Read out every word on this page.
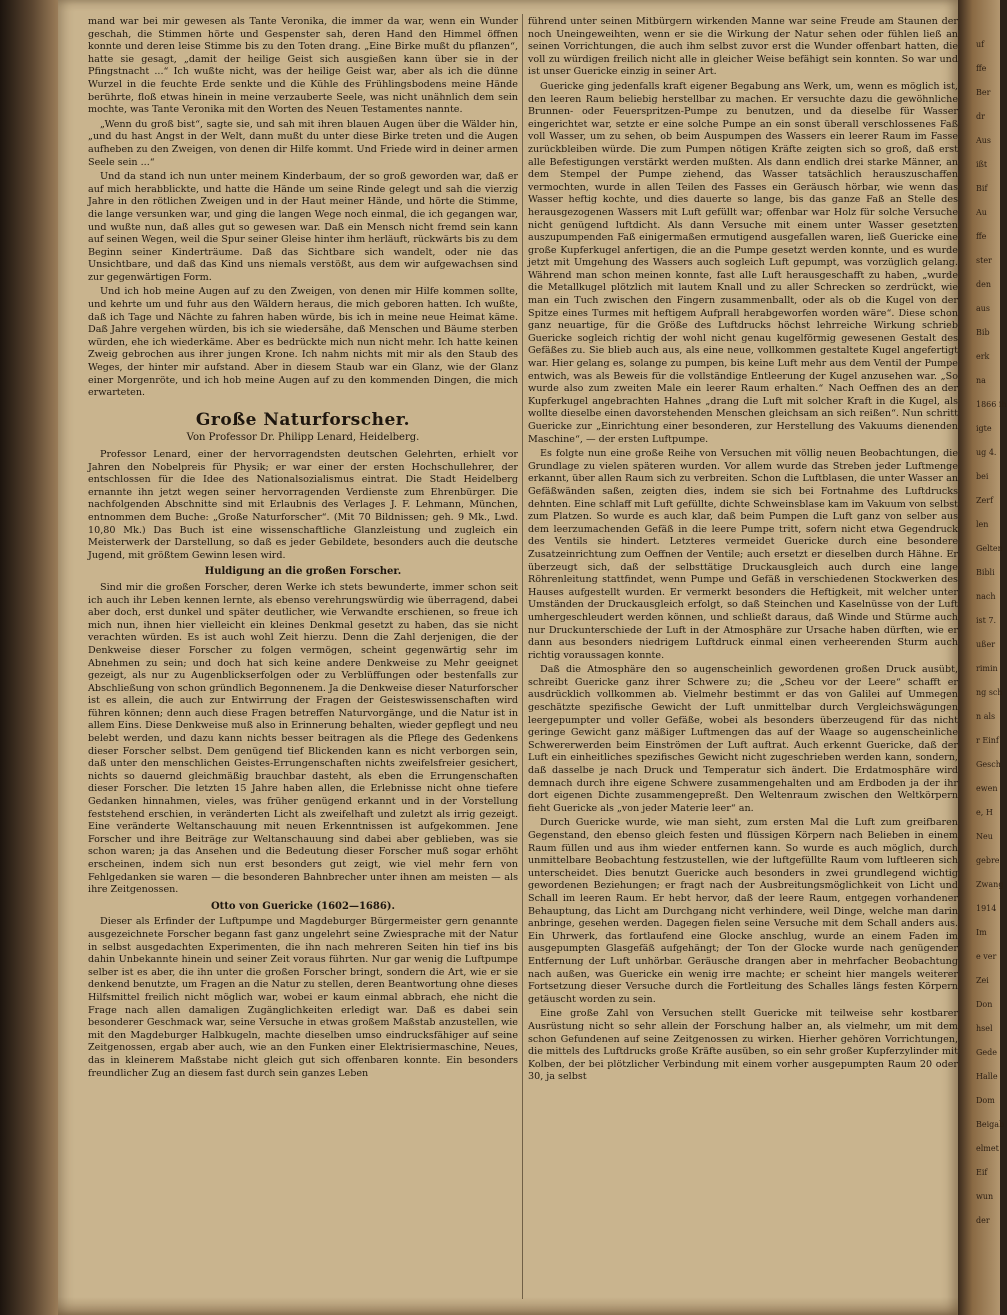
mand war bei mir gewesen als Tante Veronika, die immer da war, wenn ein Wunder geschah, die Stimmen hörte und Gespenster sah, deren Hand den Himmel öffnen konnte und deren leise Stimme bis zu den Toten drang. „Eine Birke mußt du pflanzen“, hatte sie gesagt, „damit der heilige Geist sich ausgießen kann über sie in der Pfingstnacht ...“ Ich wußte nicht, was der heilige Geist war, aber als ich die dünne Wurzel in die feuchte Erde senkte und die Kühle des Frühlingsbodens meine Hände berührte, floß etwas hinein in meine verzauberte Seele, was nicht unähnlich dem sein mochte, was Tante Veronika mit den Worten des Neuen Testamentes nannte.

„Wenn du groß bist“, sagte sie, und sah mit ihren blauen Augen über die Wälder hin, „und du hast Angst in der Welt, dann mußt du unter diese Birke treten und die Augen aufheben zu den Zweigen, von denen dir Hilfe kommt. Und Friede wird in deiner armen Seele sein ...“

Und da stand ich nun unter meinem Kinderbaum, der so groß geworden war, daß er auf mich herabblickte, und hatte die Hände um seine Rinde gelegt und sah die vierzig Jahre in den rötlichen Zweigen und in der Haut meiner Hände, und hörte die Stimme, die lange versunken war, und ging die langen Wege noch einmal, die ich gegangen war, und wußte nun, daß alles gut so gewesen war. Daß ein Mensch nicht fremd sein kann auf seinen Wegen, weil die Spur seiner Gleise hinter ihm herläuft, rückwärts bis zu dem Beginn seiner Kinderträume. Daß das Sichtbare sich wandelt, oder nie das Unsichtbare, und daß das Kind uns niemals verstößt, aus dem wir aufgewachsen sind zur gegenwärtigen Form.

Und ich hob meine Augen auf zu den Zweigen, von denen mir Hilfe kommen sollte, und kehrte um und fuhr aus den Wäldern heraus, die mich geboren hatten. Ich wußte, daß ich Tage und Nächte zu fahren haben würde, bis ich in meine neue Heimat käme. Daß Jahre vergehen würden, bis ich sie wiedersähe, daß Menschen und Bäume sterben würden, ehe ich wiederkäme. Aber es bedrückte mich nun nicht mehr. Ich hatte keinen Zweig gebrochen aus ihrer jungen Krone. Ich nahm nichts mit mir als den Staub des Weges, der hinter mir aufstand. Aber in diesem Staub war ein Glanz, wie der Glanz einer Morgenröte, und ich hob meine Augen auf zu den kommenden Dingen, die mich erwarteten.

Große Naturforscher.
Von Professor Dr. Philipp Lenard, Heidelberg.

Professor Lenard, einer der hervorragendsten deutschen Gelehrten, erhielt vor Jahren den Nobelpreis für Physik; er war einer der ersten Hochschullehrer, der entschlossen für die Idee des Nationalsozialismus eintrat. Die Stadt Heidelberg ernannte ihn jetzt wegen seiner hervorragenden Verdienste zum Ehrenbürger. Die nachfolgenden Abschnitte sind mit Erlaubnis des Verlages J. F. Lehmann, München, entnommen dem Buche: „Große Naturforscher“. (Mit 70 Bildnissen; geh. 9 Mk., Lwd. 10,80 Mk.) Das Buch ist eine wissenschaftliche Glanzleistung und zugleich ein Meisterwerk der Darstellung, so daß es jeder Gebildete, besonders auch die deutsche Jugend, mit größtem Gewinn lesen wird.

Huldigung an die großen Forscher.

Sind mir die großen Forscher, deren Werke ich stets bewunderte, immer schon seit ich auch ihr Leben kennen lernte, als ebenso verehrungswürdig wie überragend, dabei aber doch, erst dunkel und später deutlicher, wie Verwandte erschienen, so freue ich mich nun, ihnen hier vielleicht ein kleines Denkmal gesetzt zu haben, das sie nicht verachten würden. Es ist auch wohl Zeit hierzu. Denn die Zahl derjenigen, die der Denkweise dieser Forscher zu folgen vermögen, scheint gegenwärtig sehr im Abnehmen zu sein; und doch hat sich keine andere Denkweise zu Mehr geeignet gezeigt, als nur zu Augenblickserfolgen oder zu Verblüffungen oder bestenfalls zur Abschließung von schon gründlich Begonnenem. Ja die Denkweise dieser Naturforscher ist es allein, die auch zur Entwirrung der Fragen der Geisteswissenschaften wird führen können; denn auch diese Fragen betreffen Naturvorgänge, und die Natur ist in allem Eins. Diese Denkweise muß also in Erinnerung behalten, wieder gepflegt und neu belebt werden, und dazu kann nichts besser beitragen als die Pflege des Gedenkens dieser Forscher selbst. Dem genügend tief Blickenden kann es nicht verborgen sein, daß unter den menschlichen Geistes-Errungenschaften nichts zweifelsfreier gesichert, nichts so dauernd gleichmäßig brauchbar dasteht, als eben die Errungenschaften dieser Forscher. Die letzten 15 Jahre haben allen, die Erlebnisse nicht ohne tiefere Gedanken hinnahmen, vieles, was früher genügend erkannt und in der Vorstellung feststehend erschien, in veränderten Licht als zweifelhaft und zuletzt als irrig gezeigt. Eine veränderte Weltanschauung mit neuen Erkenntnissen ist aufgekommen. Jene Forscher und ihre Beiträge zur Weltanschauung sind dabei aber geblieben, was sie schon waren; ja das Ansehen und die Bedeutung dieser Forscher muß sogar erhöht erscheinen, indem sich nun erst besonders gut zeigt, wie viel mehr fern von Fehlgedanken sie waren — die besonderen Bahnbrecher unter ihnen am meisten — als ihre Zeitgenossen.

Otto von Guericke (1602—1686).

Dieser als Erfinder der Luftpumpe und Magdeburger Bürgermeister gern genannte ausgezeichnete Forscher begann fast ganz ungelehrt seine Zwiesprache mit der Natur in selbst ausgedachten Experimenten, die ihn nach mehreren Seiten hin tief ins bis dahin Unbekannte hinein und seiner Zeit voraus führten. Nur gar wenig die Luftpumpe selber ist es aber, die ihn unter die großen Forscher bringt, sondern die Art, wie er sie denkend benutzte, um Fragen an die Natur zu stellen, deren Beantwortung ohne dieses Hilfsmittel freilich nicht möglich war, wobei er kaum einmal abbrach, ehe nicht die Frage nach allen damaligen Zugänglichkeiten erledigt war. Daß es dabei sein besonderer Geschmack war, seine Versuche in etwas großem Maßstab anzustellen, wie mit den Magdeburger Halbkugeln, machte dieselben umso eindrucksfähiger auf seine Zeitgenossen, ergab aber auch, wie an den Funken einer Elektrisiermaschine, Neues, das in kleinerem Maßstabe nicht gleich gut sich offenbaren konnte. Ein besonders freundlicher Zug an diesem fast durch sein ganzes Leben

führend unter seinen Mitbürgern wirkenden Manne war seine Freude am Staunen der noch Uneingeweihten, wenn er sie die Wirkung der Natur sehen oder fühlen ließ an seinen Vorrichtungen, die auch ihm selbst zuvor erst die Wunder offenbart hatten, die voll zu würdigen freilich nicht alle in gleicher Weise befähigt sein konnten. So war und ist unser Guericke einzig in seiner Art.

Guericke ging jedenfalls kraft eigener Begabung ans Werk, um, wenn es möglich ist, den leeren Raum beliebig herstellbar zu machen. Er versuchte dazu die gewöhnliche Brunnen- oder Feuerspritzen-Pumpe zu benutzen, und da dieselbe für Wasser eingerichtet war, setzte er eine solche Pumpe an ein sonst überall verschlossenes Faß voll Wasser, um zu sehen, ob beim Auspumpen des Wassers ein leerer Raum im Fasse zurückbleiben würde. Die zum Pumpen nötigen Kräfte zeigten sich so groß, daß erst alle Befestigungen verstärkt werden mußten. Als dann endlich drei starke Männer, an dem Stempel der Pumpe ziehend, das Wasser tatsächlich herauszuschaffen vermochten, wurde in allen Teilen des Fasses ein Geräusch hörbar, wie wenn das Wasser heftig kochte, und dies dauerte so lange, bis das ganze Faß an Stelle des herausgezogenen Wassers mit Luft gefüllt war; offenbar war Holz für solche Versuche nicht genügend luftdicht. Als dann Versuche mit einem unter Wasser gesetzten auszupumpenden Faß einigermaßen ermutigend ausgefallen waren, ließ Guericke eine große Kupferkugel anfertigen, die an die Pumpe gesetzt werden konnte, und es wurde jetzt mit Umgehung des Wassers auch sogleich Luft gepumpt, was vorzüglich gelang. Während man schon meinen konnte, fast alle Luft herausgeschafft zu haben, „wurde die Metallkugel plötzlich mit lautem Knall und zu aller Schrecken so zerdrückt, wie man ein Tuch zwischen den Fingern zusammenballt, oder als ob die Kugel von der Spitze eines Turmes mit heftigem Aufprall herabgeworfen worden wäre“. Diese schon ganz neuartige, für die Größe des Luftdrucks höchst lehrreiche Wirkung schrieb Guericke sogleich richtig der wohl nicht genau kugelförmig gewesenen Gestalt des Gefäßes zu. Sie blieb auch aus, als eine neue, vollkommen gestaltete Kugel angefertigt war. Hier gelang es, solange zu pumpen, bis keine Luft mehr aus dem Ventil der Pumpe entwich, was als Beweis für die vollständige Entleerung der Kugel anzusehen war. „So wurde also zum zweiten Male ein leerer Raum erhalten.“ Nach Oeffnen des an der Kupferkugel angebrachten Hahnes „drang die Luft mit solcher Kraft in die Kugel, als wollte dieselbe einen davorstehenden Menschen gleichsam an sich reißen“. Nun schritt Guericke zur „Einrichtung einer besonderen, zur Herstellung des Vakuums dienenden Maschine“, — der ersten Luftpumpe.

Es folgte nun eine große Reihe von Versuchen mit völlig neuen Beobachtungen, die Grundlage zu vielen späteren wurden. Vor allem wurde das Streben jeder Luftmenge erkannt, über allen Raum sich zu verbreiten. Schon die Luftblasen, die unter Wasser an Gefäßwänden saßen, zeigten dies, indem sie sich bei Fortnahme des Luftdrucks dehnten. Eine schlaff mit Luft gefüllte, dichte Schweinsblase kam im Vakuum von selbst zum Platzen. So wurde es auch klar, daß beim Pumpen die Luft ganz von selber aus dem leerzumachenden Gefäß in die leere Pumpe tritt, sofern nicht etwa Gegendruck des Ventils sie hindert. Letzteres vermeidet Guericke durch eine besondere Zusatzeinrichtung zum Oeffnen der Ventile; auch ersetzt er dieselben durch Hähne. Er überzeugt sich, daß der selbsttätige Druckausgleich auch durch eine lange Röhrenleitung stattfindet, wenn Pumpe und Gefäß in verschiedenen Stockwerken des Hauses aufgestellt wurden. Er vermerkt besonders die Heftigkeit, mit welcher unter Umständen der Druckausgleich erfolgt, so daß Steinchen und Kaselnüsse von der Luft umhergeschleudert werden können, und schließt daraus, daß Winde und Stürme auch nur Druckunterschiede der Luft in der Atmosphäre zur Ursache haben dürften, wie er dann aus besonders niedrigem Luftdruck einmal einen verheerenden Sturm auch richtig voraussagen konnte.

Daß die Atmosphäre den so augenscheinlich gewordenen großen Druck ausübt, schreibt Guericke ganz ihrer Schwere zu; die „Scheu vor der Leere“ schafft er ausdrücklich vollkommen ab. Vielmehr bestimmt er das von Galilei auf Ummegen geschätzte spezifische Gewicht der Luft unmittelbar durch Vergleichswägungen leergepumpter und voller Gefäße, wobei als besonders überzeugend für das nicht geringe Gewicht ganz mäßiger Luftmengen das auf der Waage so augenscheinliche Schwererwerden beim Einströmen der Luft auftrat. Auch erkennt Guericke, daß der Luft ein einheitliches spezifisches Gewicht nicht zugeschrieben werden kann, sondern, daß dasselbe je nach Druck und Temperatur sich ändert. Die Erdatmosphäre wird demnach durch ihre eigene Schwere zusammengehalten und am Erdboden ja der ihr dort eigenen Dichte zusammengepreßt. Den Weltenraum zwischen den Weltkörpern fieht Guericke als „von jeder Materie leer“ an.

Durch Guericke wurde, wie man sieht, zum ersten Mal die Luft zum greifbaren Gegenstand, den ebenso gleich festen und flüssigen Körpern nach Belieben in einem Raum füllen und aus ihm wieder entfernen kann. So wurde es auch möglich, durch unmittelbare Beobachtung festzustellen, wie der luftgefüllte Raum vom luftleeren sich unterscheidet. Dies benutzt Guericke auch besonders in zwei grundlegend wichtig gewordenen Beziehungen; er fragt nach der Ausbreitungsmöglichkeit von Licht und Schall im leeren Raum. Er hebt hervor, daß der leere Raum, entgegen vorhandener Behauptung, das Licht am Durchgang nicht verhindere, weil Dinge, welche man darin anbringe, gesehen werden. Dagegen fielen seine Versuche mit dem Schall anders aus. Ein Uhrwerk, das fortlaufend eine Glocke anschlug, wurde an einem Faden im ausgepumpten Glasgefäß aufgehängt; der Ton der Glocke wurde nach genügender Entfernung der Luft unhörbar. Geräusche drangen aber in mehrfacher Beobachtung nach außen, was Guericke ein wenig irre machte; er scheint hier mangels weiterer Fortsetzung dieser Versuche durch die Fortleitung des Schalles längs festen Körpern getäuscht worden zu sein.

Eine große Zahl von Versuchen stellt Guericke mit teilweise sehr kostbarer Ausrüstung nicht so sehr allein der Forschung halber an, als vielmehr, um mit dem schon Gefundenen auf seine Zeitgenossen zu wirken. Hierher gehören Vorrichtungen, die mittels des Luftdrucks große Kräfte ausüben, so ein sehr großer Kupferzylinder mit Kolben, der bei plötzlicher Verbindung mit einem vorher ausgepumpten Raum 20 oder 30, ja selbst

uf
ffe
Ber
dr
Aus
ißt
Bif
Au
ffe
ster
den
aus
Bib
erk
na
1866 ih
igte
ug 4.
bei
Zerf
len
Gelten
Bibli
nach
ist 7.
ußer
rimin
ng sch
n als
r Einf
Gesch
ewen
e, H
Neu
gebre
Zwang
1914
Im
e ver
Zei
Don
hsel
Gede
Halle
Dom
Beigab
elmet
Eif
wun
der
